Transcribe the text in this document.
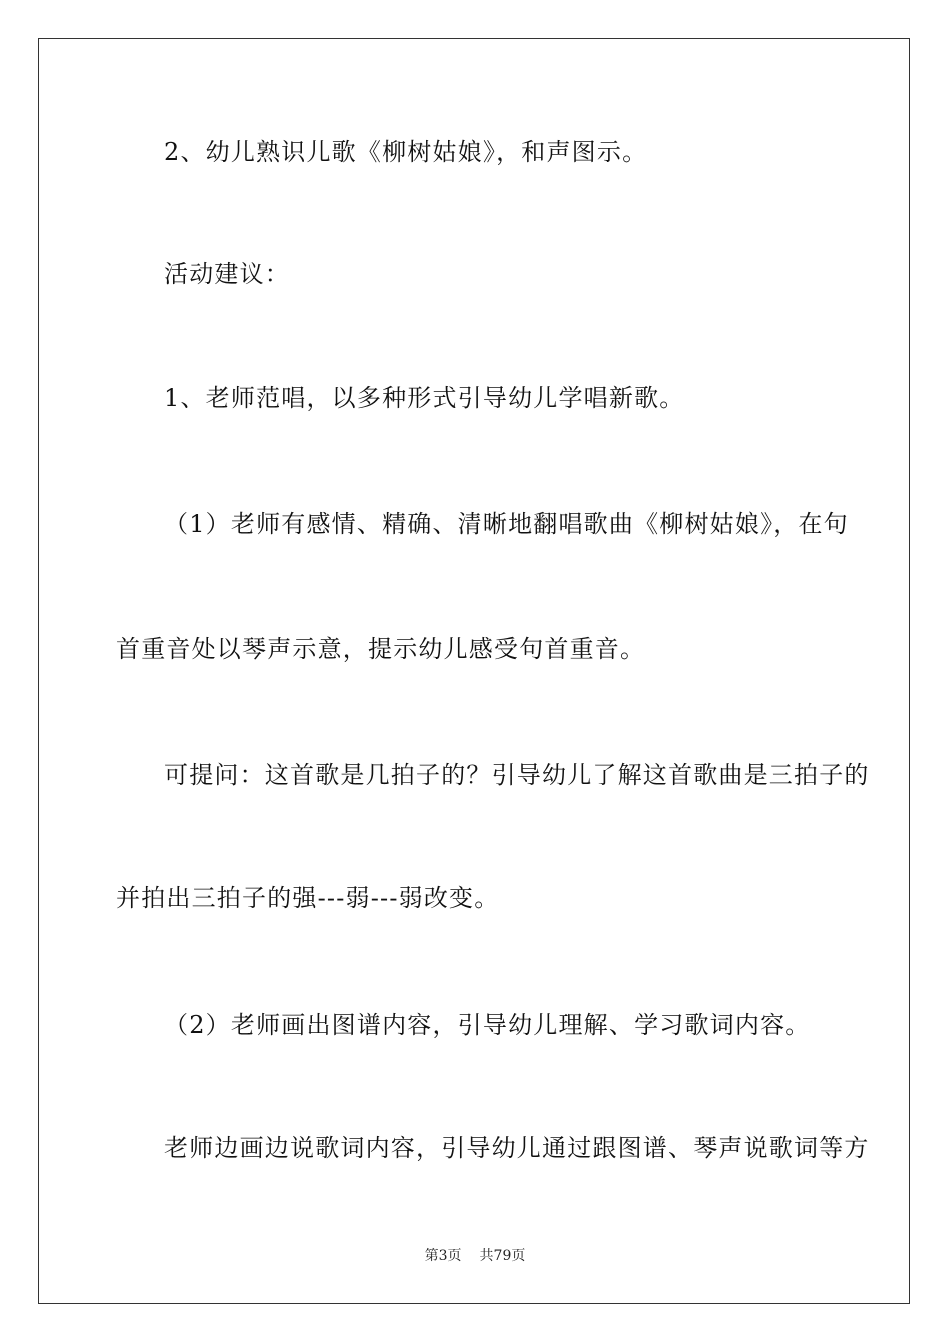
2、幼儿熟识儿歌《柳树姑娘》，和声图示。

活动建议：

1、老师范唱，以多种形式引导幼儿学唱新歌。

（1）老师有感情、精确、清晰地翻唱歌曲《柳树姑娘》，在句

首重音处以琴声示意，提示幼儿感受句首重音。

可提问：这首歌是几拍子的？引导幼儿了解这首歌曲是三拍子的

并拍出三拍子的强---弱---弱改变。

（2）老师画出图谱内容，引导幼儿理解、学习歌词内容。

老师边画边说歌词内容，引导幼儿通过跟图谱、琴声说歌词等方

第3页 共79页
